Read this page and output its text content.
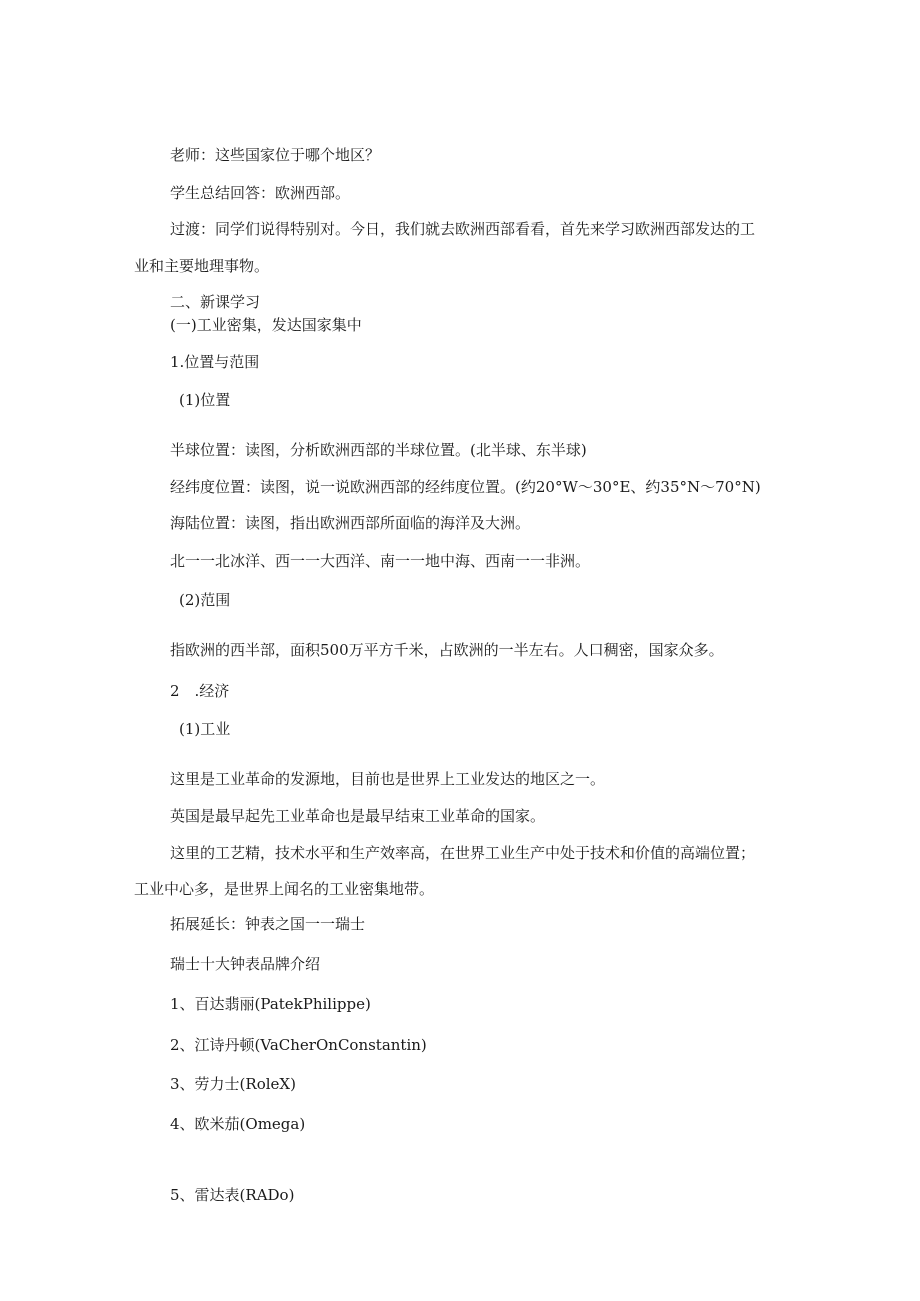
老师：这些国家位于哪个地区？

学生总结回答：欧洲西部。

过渡：同学们说得特别对。今日，我们就去欧洲西部看看，首先来学习欧洲西部发达的工

业和主要地理事物。

二、新课学习

(一)工业密集，发达国家集中

1.位置与范围

(1)位置

半球位置：读图，分析欧洲西部的半球位置。(北半球、东半球)

经纬度位置：读图，说一说欧洲西部的经纬度位置。(约20°W～30°E、约35°N～70°N)

海陆位置：读图，指出欧洲西部所面临的海洋及大洲。

北一一北冰洋、西一一大西洋、南一一地中海、西南一一非洲。

(2)范围

指欧洲的西半部，面积500万平方千米，占欧洲的一半左右。人口稠密，国家众多。

2　.经济

(1)工业

这里是工业革命的发源地，目前也是世界上工业发达的地区之一。

英国是最早起先工业革命也是最早结束工业革命的国家。

这里的工艺精，技术水平和生产效率高，在世界工业生产中处于技术和价值的高端位置；

工业中心多，是世界上闻名的工业密集地带。

拓展延长：钟表之国一一瑞士

瑞士十大钟表品牌介绍

1、百达翡丽(PatekPhilippe)

2、江诗丹顿(VaCherOnConstantin)

3、劳力士(RoleX)

4、欧米茄(Omega)

5、雷达表(RADo)
